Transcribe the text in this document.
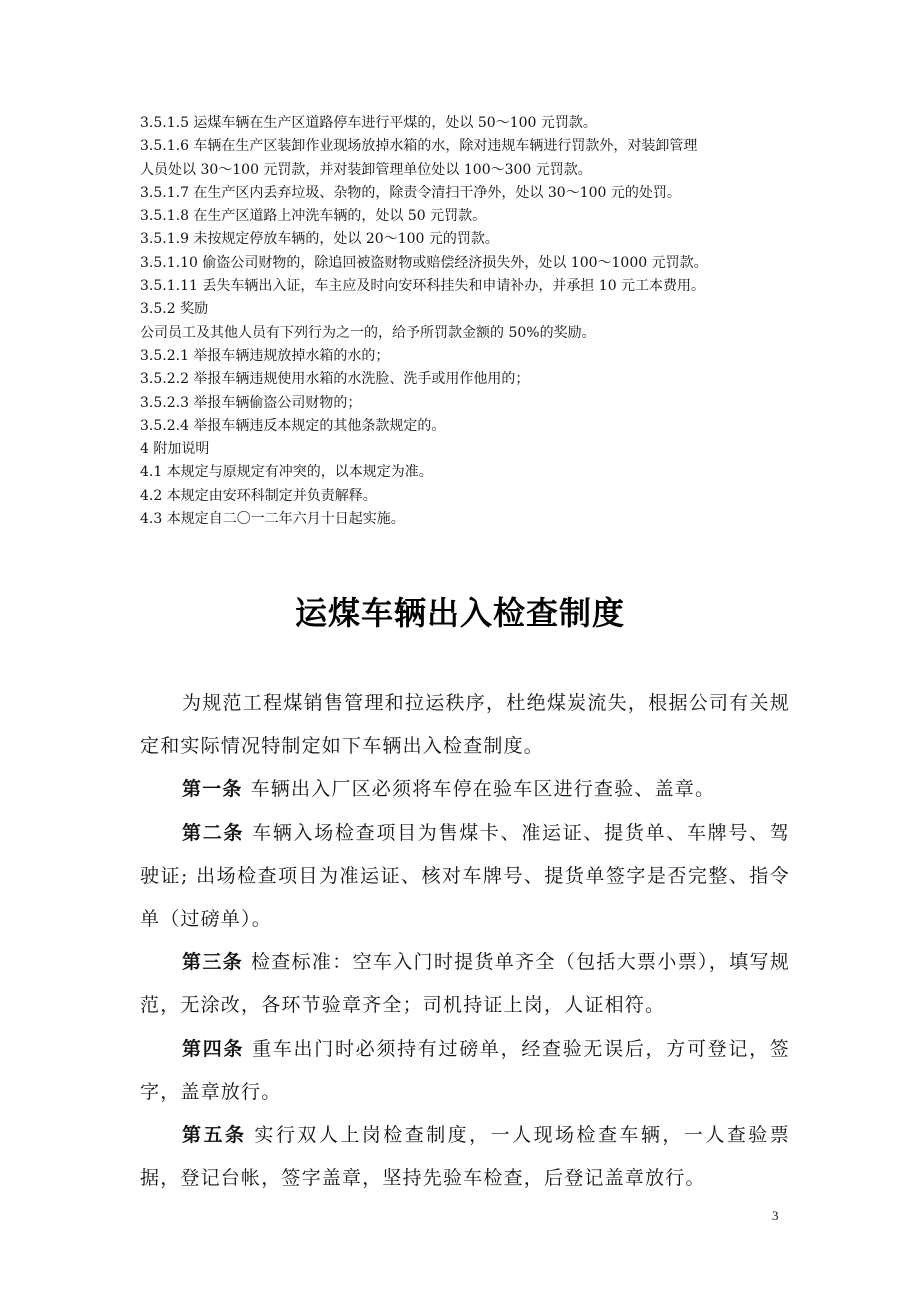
3.5.1.5 运煤车辆在生产区道路停车进行平煤的，处以 50～100 元罚款。

3.5.1.6 车辆在生产区装卸作业现场放掉水箱的水，除对违规车辆进行罚款外，对装卸管理

人员处以 30～100 元罚款，并对装卸管理单位处以 100～300 元罚款。

3.5.1.7 在生产区内丢弃垃圾、杂物的，除责令清扫干净外，处以 30～100 元的处罚。

3.5.1.8 在生产区道路上冲洗车辆的，处以 50 元罚款。

3.5.1.9 未按规定停放车辆的，处以 20～100 元的罚款。

3.5.1.10 偷盗公司财物的，除追回被盗财物或赔偿经济损失外，处以 100～1000 元罚款。

3.5.1.11 丢失车辆出入证，车主应及时向安环科挂失和申请补办，并承担 10 元工本费用。

3.5.2 奖励

公司员工及其他人员有下列行为之一的，给予所罚款金额的 50%的奖励。

3.5.2.1 举报车辆违规放掉水箱的水的；

3.5.2.2 举报车辆违规使用水箱的水洗脸、洗手或用作他用的；

3.5.2.3 举报车辆偷盗公司财物的；

3.5.2.4 举报车辆违反本规定的其他条款规定的。

4 附加说明

4.1 本规定与原规定有冲突的，以本规定为准。

4.2 本规定由安环科制定并负责解释。

4.3 本规定自二〇一二年六月十日起实施。

运煤车辆出入检查制度

为规范工程煤销售管理和拉运秩序，杜绝煤炭流失，根据公司有关规定和实际情况特制定如下车辆出入检查制度。

第一条 车辆出入厂区必须将车停在验车区进行查验、盖章。

第二条 车辆入场检查项目为售煤卡、准运证、提货单、车牌号、驾驶证; 出场检查项目为准运证、核对车牌号、提货单签字是否完整、指令单（过磅单）。

第三条 检查标准：空车入门时提货单齐全（包括大票小票），填写规范，无涂改，各环节验章齐全；司机持证上岗，人证相符。

第四条 重车出门时必须持有过磅单，经查验无误后，方可登记，签字，盖章放行。

第五条 实行双人上岗检查制度，一人现场检查车辆，一人查验票据，登记台帐，签字盖章，坚持先验车检查，后登记盖章放行。

3
